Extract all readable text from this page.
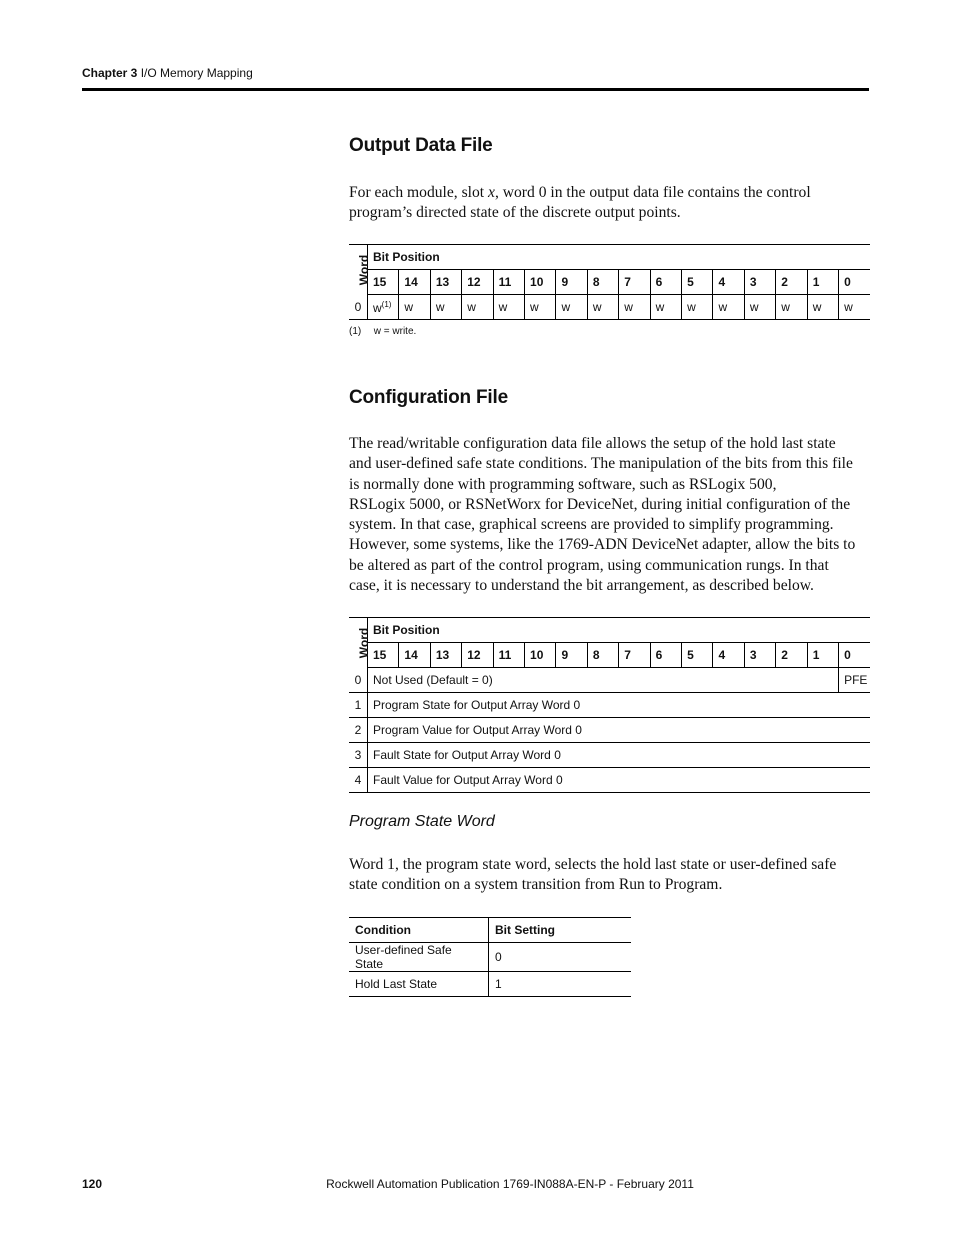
Chapter 3 I/O Memory Mapping
Output Data File

For each module, slot x, word 0 in the output data file contains the control
program’s directed state of the discrete output points.

Word	Bit Position															
	15	14	13	12	11	10	9	8	7	6	5	4	3	2	1	0
0	$w^{(1)}$	w	w	w	w	w	w	w	w	w	w	w	w	w	w	w
(1) w = write.
Configuration File

The read/writable configuration data file allows the setup of the hold last state
and user-defined safe state conditions. The manipulation of the bits from this file
is normally done with programming software, such as RSLogix 500,
RSLogix 5000, or RSNetWorx for DeviceNet, during initial configuration of the
system. In that case, graphical screens are provided to simplify programming.
However, some systems, like the 1769-ADN DeviceNet adapter, allow the bits to
be altered as part of the control program, using communication rungs. In that
case, it is necessary to understand the bit arrangement, as described below.

Word	Bit Position															
	15	14	13	12	11	10	9	8	7	6	5	4	3	2	1	0
0	Not Used (Default = 0)															PFE
1	Program State for Output Array Word 0															
2	Program Value for Output Array Word 0															
3	Fault State for Output Array Word 0															
4	Fault Value for Output Array Word 0															

Program State Word

Word 1, the program state word, selects the hold last state or user-defined safe
state condition on a system transition from Run to Program.

Condition	Bit Setting
User-defined Safe State	0
Hold Last State	1
120	Rockwell Automation Publication 1769-IN088A-EN-P - February 2011
